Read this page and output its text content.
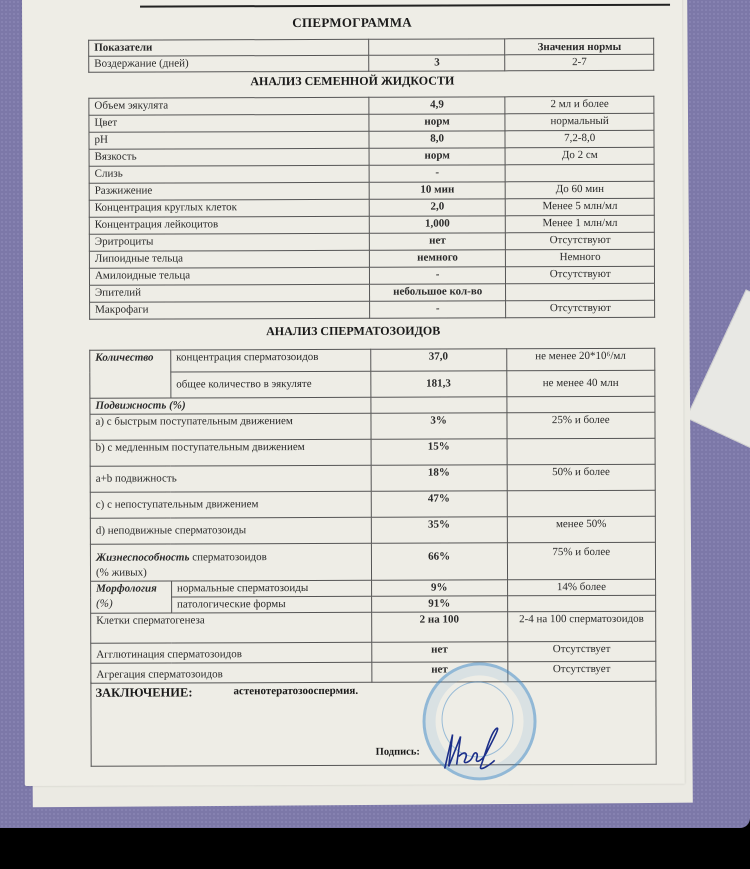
СПЕРМОГРАММА
Показатели		Значения нормы
Воздержание (дней)	3	2-7
АНАЛИЗ СЕМЕННОЙ ЖИДКОСТИ
Объем эякулята	4,9	2 мл и более
Цвет	норм	нормальный
pH	8,0	7,2-8,0
Вязкость	норм	До 2 см
Слизь	-	
Разжижение	10 мин	До 60 мин
Концентрация круглых клеток	2,0	Менее 5 млн/мл
Концентрация лейкоцитов	1,000	Менее 1 млн/мл
Эритроциты	нет	Отсутствуют
Липоидные тельца	немного	Немного
Амилоидные тельца	-	Отсутствуют
Эпителий	небольшое кол-во	
Макрофаги	-	Отсутствуют
АНАЛИЗ СПЕРМАТОЗОИДОВ
Количество	концентрация сперматозоидов	37,0	не менее 20*10⁶/мл
	общее количество в эякуляте	181,3	не менее 40 млн
Подвижность (%)			
a) с быстрым поступательным движением		3%	25% и более
b) с медленным поступательным движением		15%	
a+b подвижность		18%	50% и более
c) с непоступательным движением		47%	
d) неподвижные сперматозоиды		35%	менее 50%
Жизнеспособность сперматозоидов
(% живых)		66%	75% и более
Морфология
(%)	нормальные сперматозоиды	9%	14% более
	патологические формы	91%	
Клетки сперматогенеза		2 на 100	2-4 на 100 сперматозоидов
Агглютинация сперматозоидов		нет	Отсутствует
Агрегация сперматозоидов		нет	Отсутствует
ЗАКЛЮЧЕНИЕ:	астенотератозооспермия.
Подпись:
